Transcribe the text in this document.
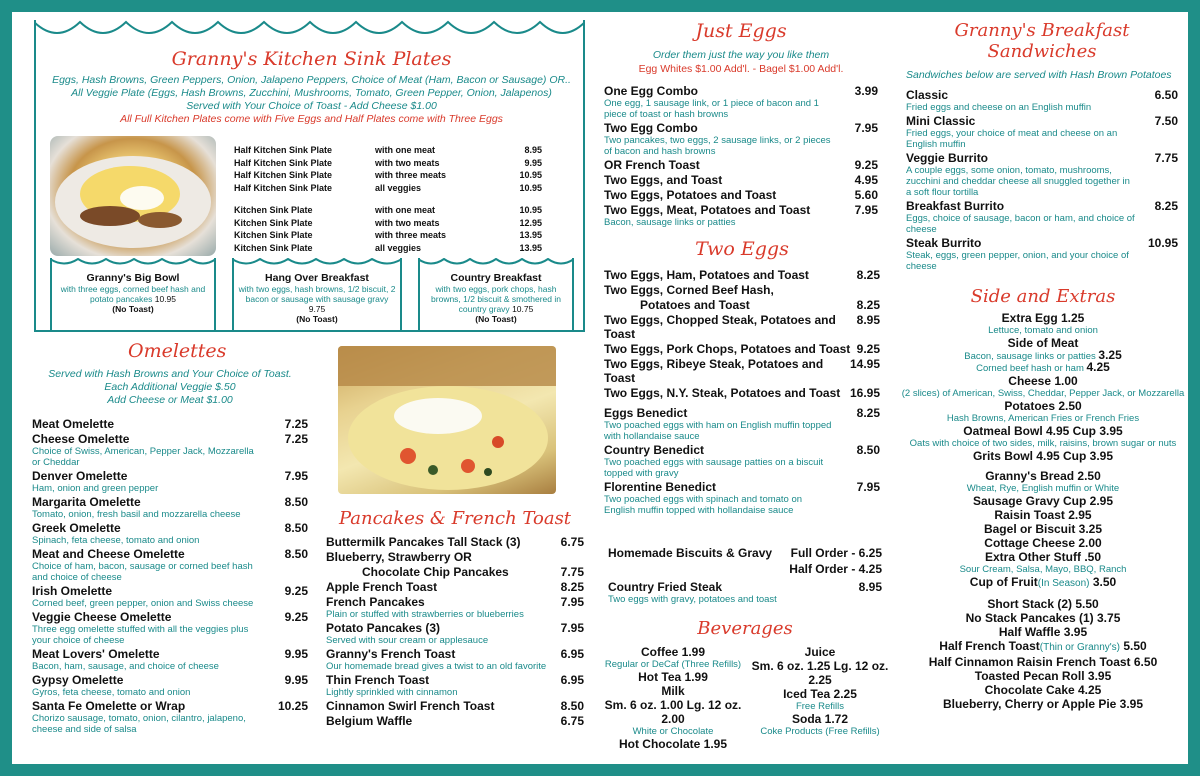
Granny's Kitchen Sink Plates
Eggs, Hash Browns, Green Peppers, Onion, Jalapeno Peppers, Choice of Meat (Ham, Bacon or Sausage) OR..
All Veggie Plate (Eggs, Hash Browns, Zucchini, Mushrooms, Tomato, Green Pepper, Onion, Jalapenos)
Served with Your Choice of Toast - Add Cheese $1.00
All Full Kitchen Plates come with Five Eggs and Half Plates come with Three Eggs
Half Kitchen Sink Plate	with one meat	8.95
Half Kitchen Sink Plate	with two meats	9.95
Half Kitchen Sink Plate	with three meats	10.95
Half Kitchen Sink Plate	all veggies	10.95
Kitchen Sink Plate	with one meat	10.95
Kitchen Sink Plate	with two meats	12.95
Kitchen Sink Plate	with three meats	13.95
Kitchen Sink Plate	all veggies	13.95
Granny's Big Bowl
with three eggs, corned beef hash and potato pancakes 10.95
(No Toast)
Hang Over Breakfast
with two eggs, hash browns, 1/2 biscuit, 2 bacon or sausage with sausage gravy 9.75
(No Toast)
Country Breakfast
with two eggs, pork chops, hash browns, 1/2 biscuit & smothered in country gravy 10.75
(No Toast)
Omelettes
Served with Hash Browns and Your Choice of Toast.
Each Additional Veggie $.50
Add Cheese or Meat $1.00
Meat Omelette	7.25
Cheese Omelette	7.25
Choice of Swiss, American, Pepper Jack, Mozzarella or Cheddar
Denver Omelette	7.95
Ham, onion and green pepper
Margarita Omelette	8.50
Tomato, onion, fresh basil and mozzarella cheese
Greek Omelette	8.50
Spinach, feta cheese, tomato and onion
Meat and Cheese Omelette	8.50
Choice of ham, bacon, sausage or corned beef hash and choice of cheese
Irish Omelette	9.25
Corned beef, green pepper, onion and Swiss cheese
Veggie Cheese Omelette	9.25
Three egg omelette stuffed with all the veggies plus your choice of cheese
Meat Lovers' Omelette	9.95
Bacon, ham, sausage, and choice of cheese
Gypsy Omelette	9.95
Gyros, feta cheese, tomato and onion
Santa Fe Omelette or Wrap	10.25
Chorizo sausage, tomato, onion, cilantro, jalapeno, cheese and side of salsa
Pancakes & French Toast
Buttermilk Pancakes Tall Stack (3)	6.75
Blueberry, Strawberry OR
Chocolate Chip Pancakes	7.75
Apple French Toast	8.25
French Pancakes	7.95
Plain or stuffed with strawberries or blueberries
Potato Pancakes (3)	7.95
Served with sour cream or applesauce
Granny's French Toast	6.95
Our homemade bread gives a twist to an old favorite
Thin French Toast	6.95
Lightly sprinkled with cinnamon
Cinnamon Swirl French Toast	8.50
Belgium Waffle	6.75
Just Eggs
Order them just the way you like them
Egg Whites $1.00 Add'l. - Bagel $1.00 Add'l.
One Egg Combo	3.99
One egg, 1 sausage link, or 1 piece of bacon and 1 piece of toast or hash browns
Two Egg Combo	7.95
Two pancakes, two eggs, 2 sausage links, or 2 pieces of bacon and hash browns
OR French Toast	9.25
Two Eggs, and Toast	4.95
Two Eggs, Potatoes and Toast	5.60
Two Eggs, Meat, Potatoes and Toast	7.95
Bacon, sausage links or patties
Two Eggs
Two Eggs, Ham, Potatoes and Toast	8.25
Two Eggs, Corned Beef Hash,
Potatoes and Toast	8.25
Two Eggs, Chopped Steak, Potatoes and Toast
8.95
Two Eggs, Pork Chops, Potatoes and Toast 9.25
Two Eggs, Ribeye Steak, Potatoes and Toast
14.95
Two Eggs, N.Y. Steak, Potatoes and Toast 16.95
Eggs Benedict	8.25
Two poached eggs with ham on English muffin topped with hollandaise sauce
Country Benedict	8.50
Two poached eggs with sausage patties on a biscuit topped with gravy
Florentine Benedict	7.95
Two poached eggs with spinach and tomato on English muffin topped with hollandaise sauce
Homemade Biscuits & Gravy Full Order - 6.25
Half Order - 4.25
Country Fried Steak	8.95
Two eggs with gravy, potatoes and toast
Beverages
Coffee 1.99
Regular or DeCaf (Three Refills)
Hot Tea 1.99
Milk
Sm. 6 oz. 1.00 Lg. 12 oz. 2.00
White or Chocolate
Hot Chocolate 1.95
Juice
Sm. 6 oz. 1.25 Lg. 12 oz. 2.25
Iced Tea 2.25
Free Refills
Soda 1.72
Coke Products (Free Refills)
Granny's Breakfast Sandwiches
Sandwiches below are served with Hash Brown Potatoes
Classic	6.50
Fried eggs and cheese on an English muffin
Mini Classic	7.50
Fried eggs, your choice of meat and cheese on an English muffin
Veggie Burrito	7.75
A couple eggs, some onion, tomato, mushrooms, zucchini and cheddar cheese all snuggled together in a soft flour tortilla
Breakfast Burrito	8.25
Eggs, choice of sausage, bacon or ham, and choice of cheese
Steak Burrito	10.95
Steak, eggs, green pepper, onion, and your choice of cheese
Side and Extras
Extra Egg 1.25
Lettuce, tomato and onion
Side of Meat
Bacon, sausage links or patties 3.25
Corned beef hash or ham 4.25
Cheese 1.00
(2 slices) of American, Swiss, Cheddar, Pepper Jack, or Mozzarella
Potatoes 2.50
Hash Browns, American Fries or French Fries
Oatmeal Bowl 4.95 Cup 3.95
Oats with choice of two sides, milk, raisins, brown sugar or nuts
Grits Bowl 4.95 Cup 3.95
Granny's Bread 2.50
Wheat, Rye, English muffin or White
Sausage Gravy Cup 2.95
Raisin Toast 2.95
Bagel or Biscuit 3.25
Cottage Cheese 2.00
Extra Other Stuff .50
Sour Cream, Salsa, Mayo, BBQ, Ranch
Cup of Fruit(In Season) 3.50
Short Stack (2) 5.50
No Stack Pancakes (1) 3.75
Half Waffle 3.95
Half French Toast(Thin or Granny's) 5.50
Half Cinnamon Raisin French Toast 6.50
Toasted Pecan Roll 3.95
Chocolate Cake 4.25
Blueberry, Cherry or Apple Pie 3.95
